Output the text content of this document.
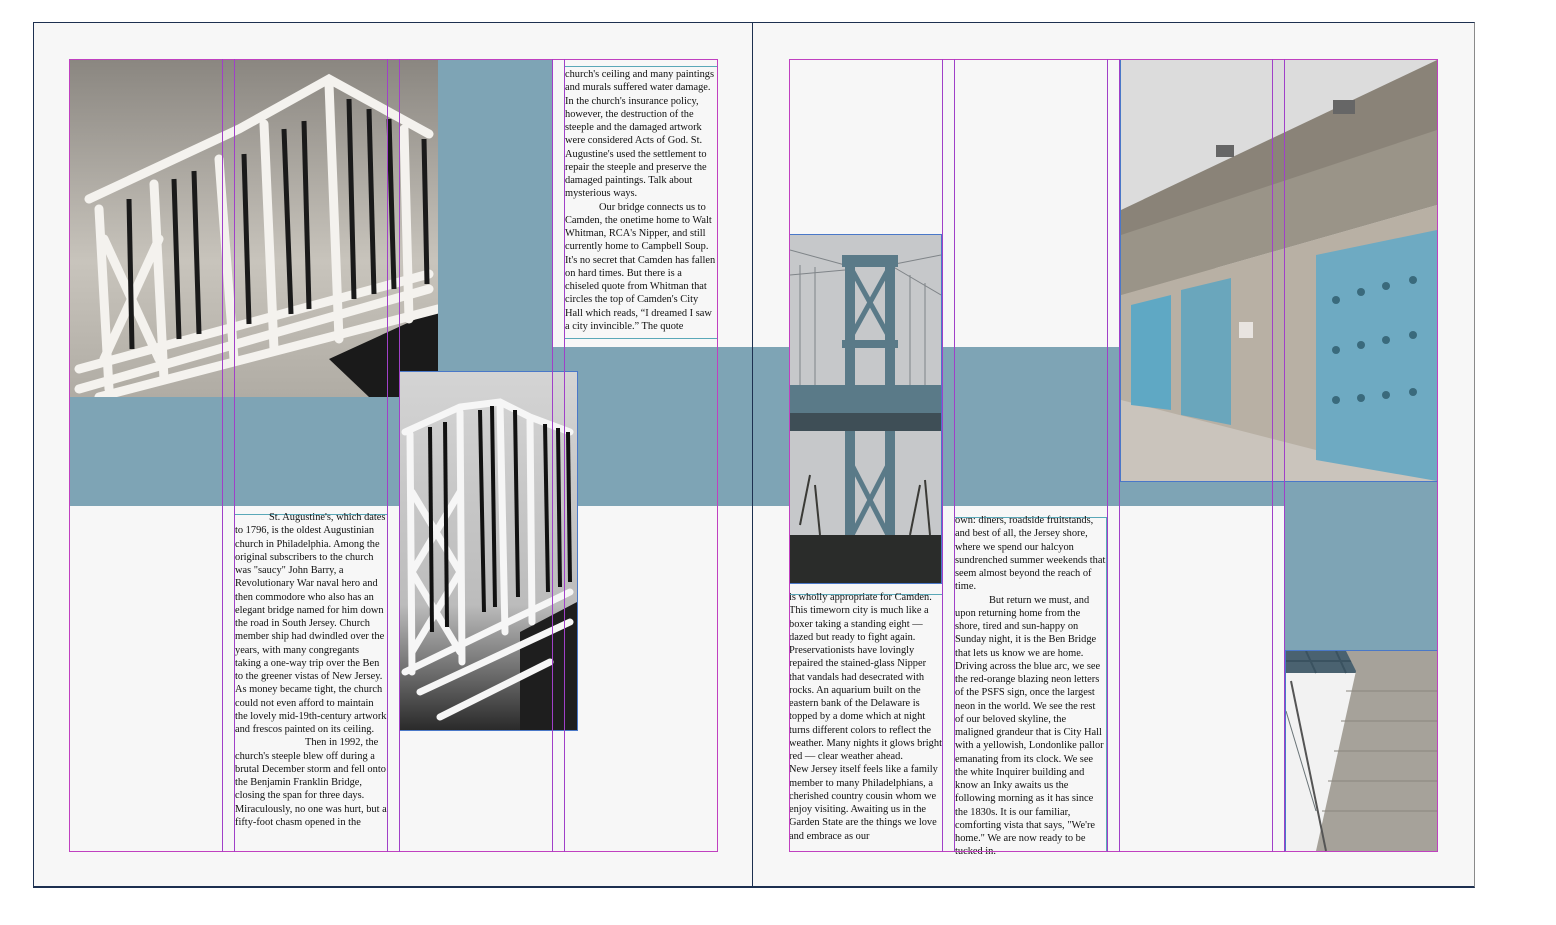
St. Augustine's, which dates to 1796, is the oldest Augustinian church in Philadelphia. Among the original subscribers to the church was "saucy" John Barry, a Revolutionary War naval hero and then commodore who also has an elegant bridge named for him down the road in South Jersey. Church member ship had dwindled over the years, with many congregants taking a one-way trip over the Ben to the greener vistas of New Jersey. As money became tight, the church could not even afford to maintain the lovely mid-19th-century artwork and frescos painted on its ceiling.

Then in 1992, the church's steeple blew off during a brutal December storm and fell onto the Benjamin Franklin Bridge, closing the span for three days. Miraculously, no one was hurt, but a fifty-foot chasm opened in the

church's ceiling and many paintings and murals suffered water damage. In the church's insurance policy, however, the destruction of the steeple and the damaged artwork were considered Acts of God. St. Augustine's used the settlement to repair the steeple and preserve the damaged paintings. Talk about mysterious ways.

Our bridge connects us to Camden, the onetime home to Walt Whitman, RCA's Nipper, and still currently home to Campbell Soup. It's no secret that Camden has fallen on hard times. But there is a chiseled quote from Whitman that circles the top of Camden's City Hall which reads, “I dreamed I saw a city invincible.” The quote

is wholly appropriate for Camden. This timeworn city is much like a boxer taking a standing eight — dazed but ready to fight again. Preservationists have lovingly repaired the stained-glass Nipper that vandals had desecrated with rocks. An aquarium built on the eastern bank of the Delaware is topped by a dome which at night turns different colors to reflect the weather. Many nights it glows bright red — clear weather ahead.

New Jersey itself feels like a family member to many Philadelphians, a cherished country cousin whom we enjoy visiting. Awaiting us in the Garden State are the things we love and embrace as our

own: diners, roadside fruitstands, and best of all, the Jersey shore, where we spend our halcyon sundrenched summer weekends that seem almost beyond the reach of time.

But return we must, and upon returning home from the shore, tired and sun-happy on Sunday night, it is the Ben Bridge that lets us know we are home. Driving across the blue arc, we see the red-orange blazing neon letters of the PSFS sign, once the largest neon in the world. We see the rest of our beloved skyline, the maligned grandeur that is City Hall with a yellowish, Londonlike pallor emanating from its clock. We see the white Inquirer building and know an Inky awaits us the following morning as it has since the 1830s. It is our familiar, comforting vista that says, "We're home." We are now ready to be tucked in.
